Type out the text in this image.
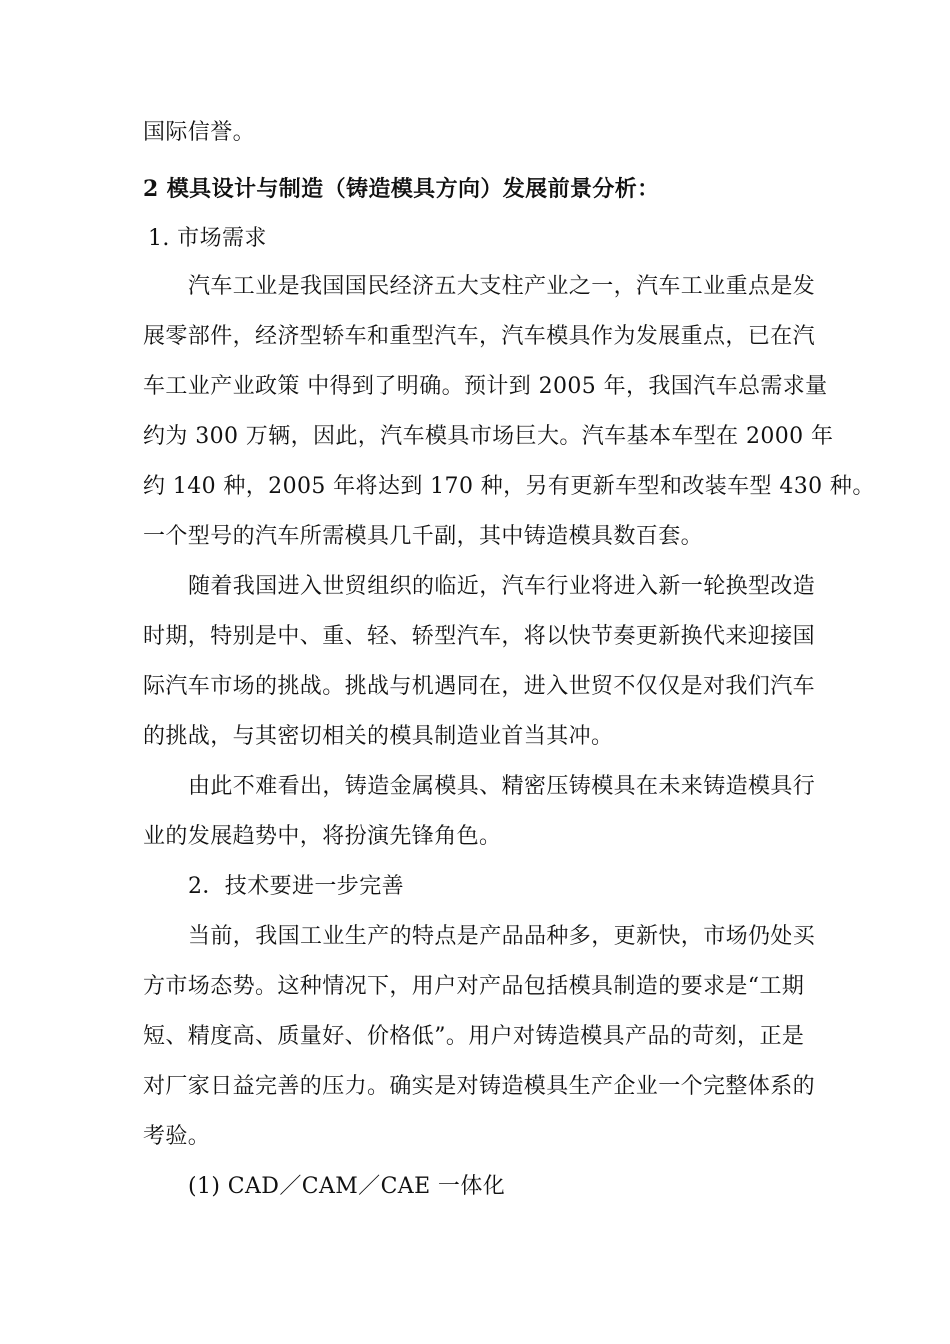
国际信誉。
2 模具设计与制造（铸造模具方向）发展前景分析：
1. 市场需求
汽车工业是我国国民经济五大支柱产业之一，汽车工业重点是发
展零部件，经济型轿车和重型汽车，汽车模具作为发展重点，已在汽
车工业产业政策 中得到了明确。预计到 2005 年，我国汽车总需求量
约为 300 万辆，因此，汽车模具市场巨大。汽车基本车型在 2000 年
约 140 种，2005 年将达到 170 种，另有更新车型和改装车型 430 种。
一个型号的汽车所需模具几千副，其中铸造模具数百套。
随着我国进入世贸组织的临近，汽车行业将进入新一轮换型改造
时期，特别是中、重、轻、轿型汽车，将以快节奏更新换代来迎接国
际汽车市场的挑战。挑战与机遇同在，进入世贸不仅仅是对我们汽车
的挑战，与其密切相关的模具制造业首当其冲。
由此不难看出，铸造金属模具、精密压铸模具在未来铸造模具行
业的发展趋势中，将扮演先锋角色。
2．技术要进一步完善
当前，我国工业生产的特点是产品品种多，更新快，市场仍处买
方市场态势。这种情况下，用户对产品包括模具制造的要求是“工期
短、精度高、质量好、价格低”。用户对铸造模具产品的苛刻，正是
对厂家日益完善的压力。确实是对铸造模具生产企业一个完整体系的
考验。
(1) CAD／CAM／CAE 一体化
